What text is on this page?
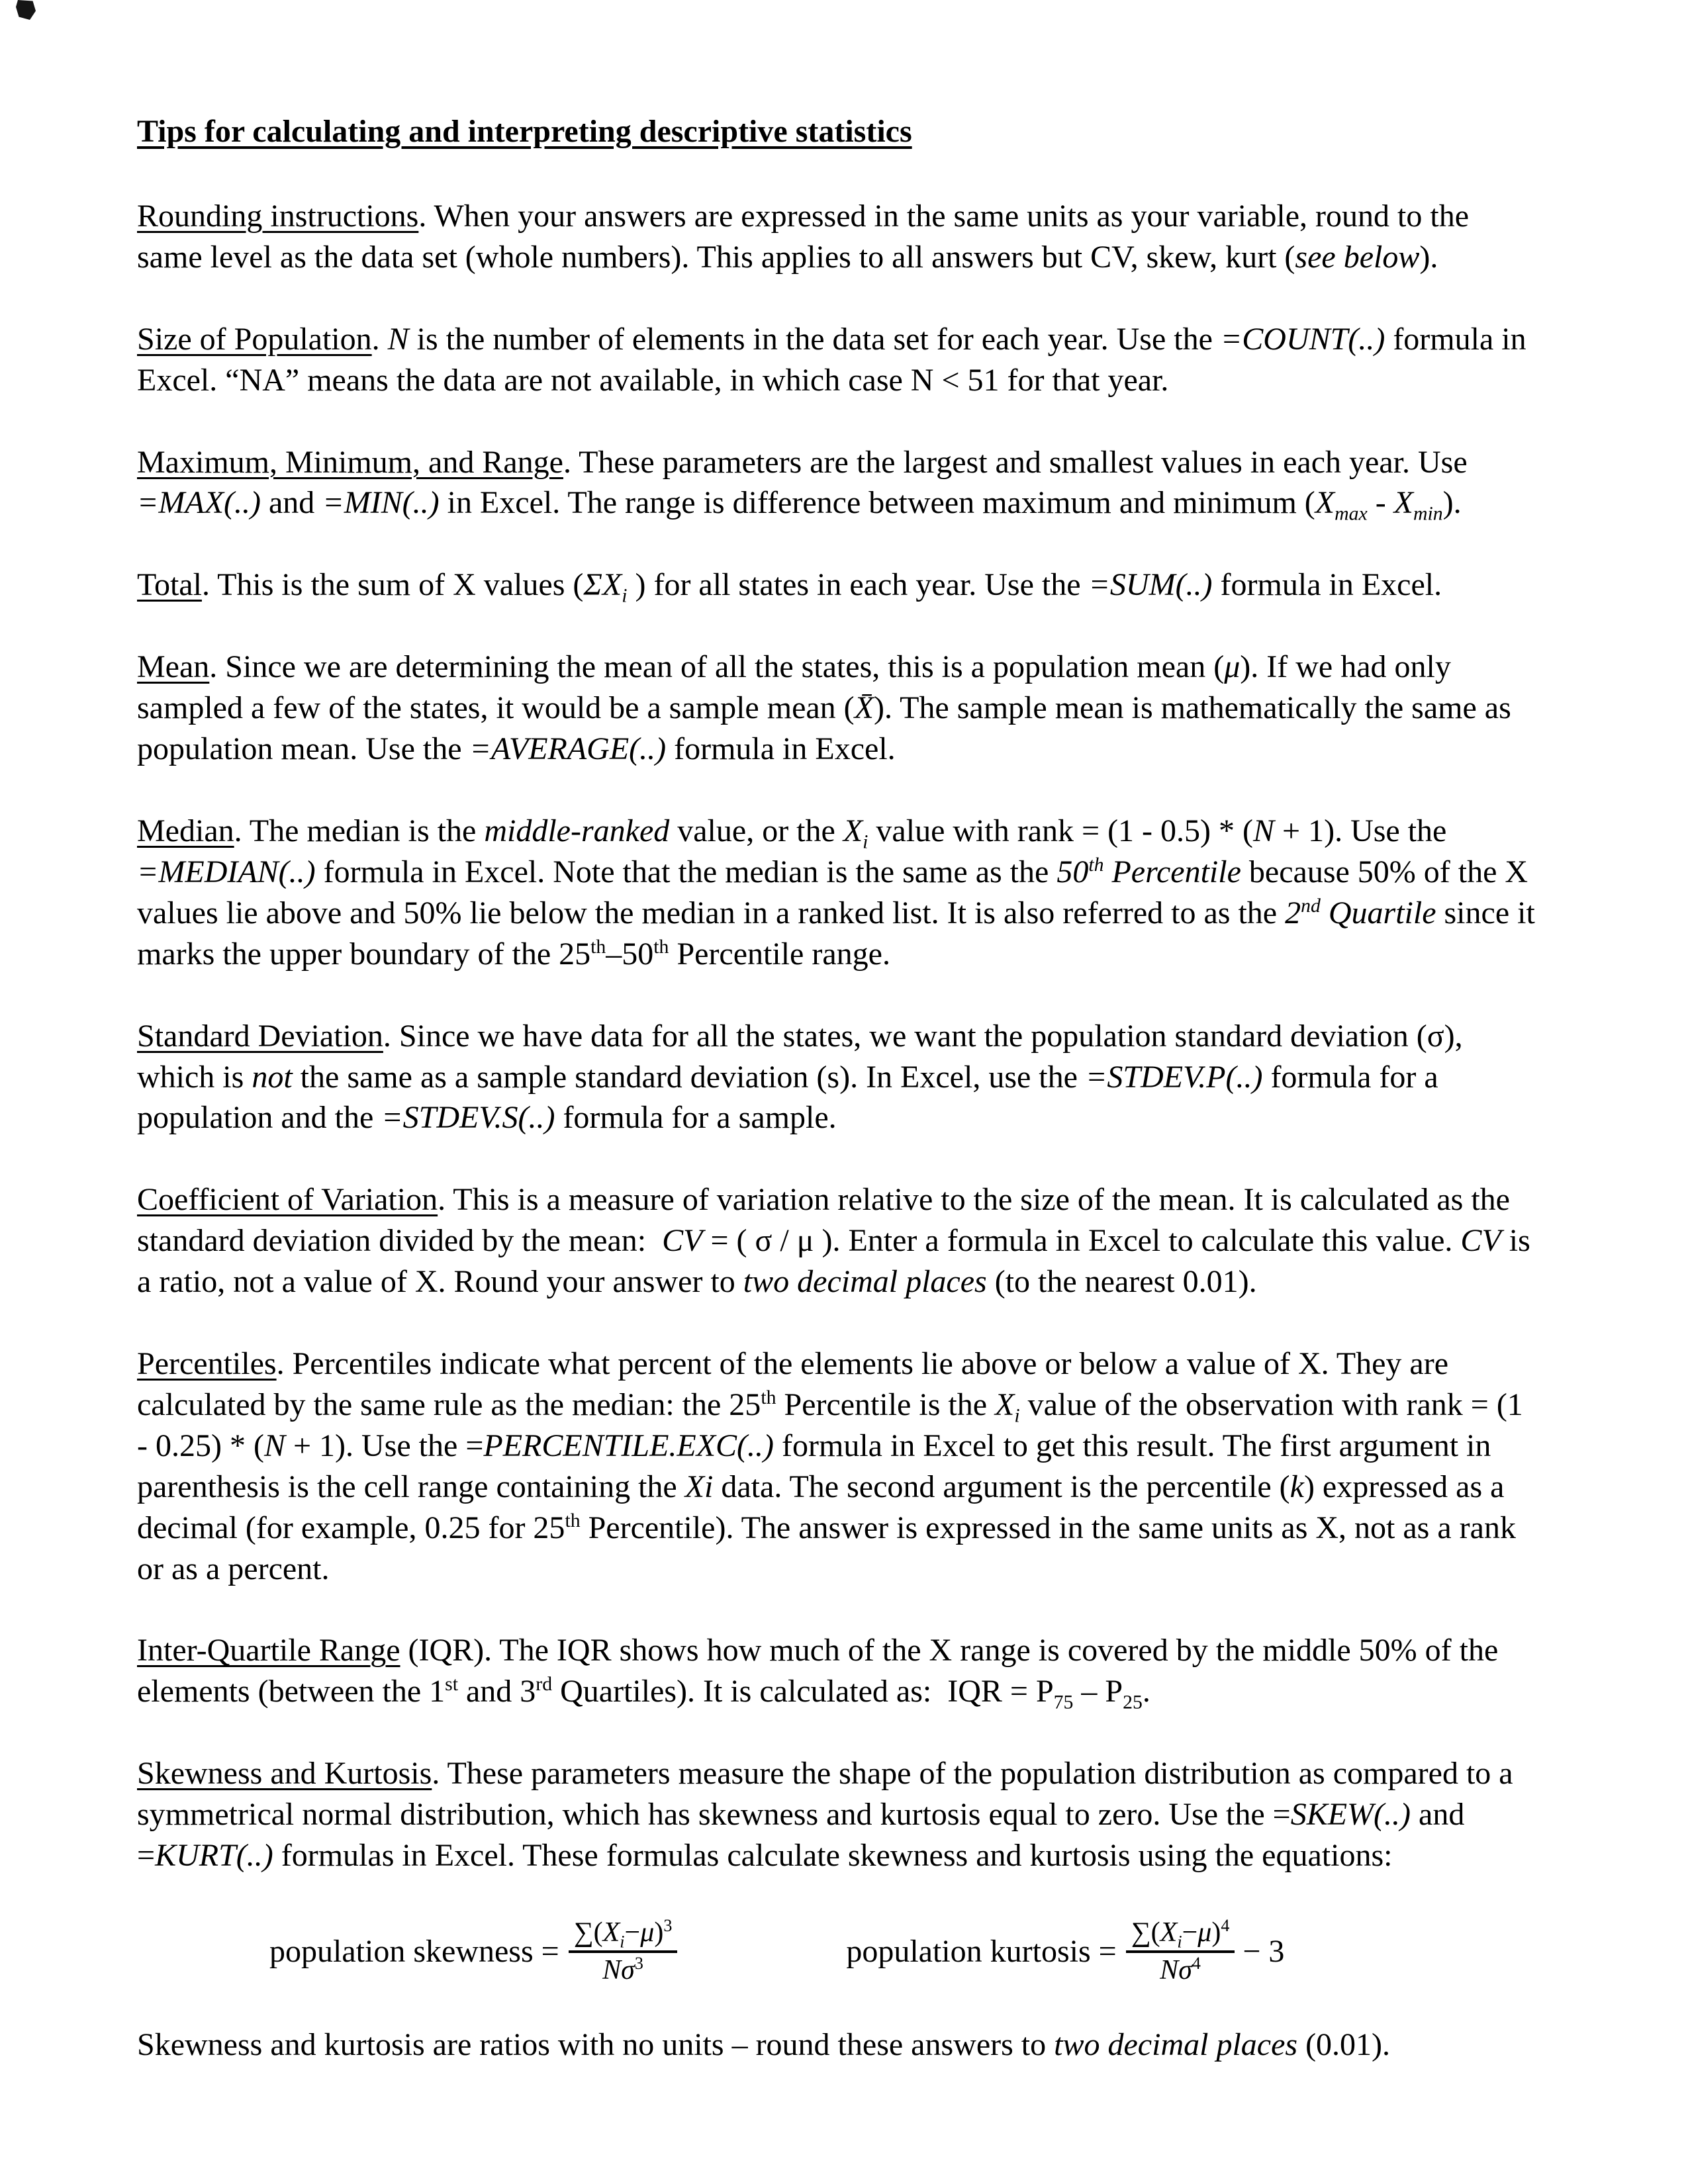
Tips for calculating and interpreting descriptive statistics

Rounding instructions. When your answers are expressed in the same units as your variable, round to the same level as the data set (whole numbers). This applies to all answers but CV, skew, kurt (see below).

Size of Population. N is the number of elements in the data set for each year. Use the =COUNT(..) formula in Excel. “NA” means the data are not available, in which case N < 51 for that year.

Maximum, Minimum, and Range. These parameters are the largest and smallest values in each year. Use =MAX(..) and =MIN(..) in Excel. The range is difference between maximum and minimum $(X_{max} - X_{min})$.

Total. This is the sum of X values ($\Sigma X_i$ ) for all states in each year. Use the =SUM(..) formula in Excel.

Mean. Since we are determining the mean of all the states, this is a population mean (μ). If we had only sampled a few of the states, it would be a sample mean (X̄). The sample mean is mathematically the same as population mean. Use the =AVERAGE(..) formula in Excel.

Median. The median is the middle-ranked value, or the $X_i$ value with rank = (1 - 0.5) * (N + 1). Use the =MEDIAN(..) formula in Excel. Note that the median is the same as the 50th Percentile because 50% of the X values lie above and 50% lie below the median in a ranked list. It is also referred to as the 2nd Quartile since it marks the upper boundary of the 25th–50th Percentile range.

Standard Deviation. Since we have data for all the states, we want the population standard deviation (σ), which is not the same as a sample standard deviation (s). In Excel, use the =STDEV.P(..) formula for a population and the =STDEV.S(..) formula for a sample.

Coefficient of Variation. This is a measure of variation relative to the size of the mean. It is calculated as the standard deviation divided by the mean:  CV = ( σ / μ ). Enter a formula in Excel to calculate this value. CV is a ratio, not a value of X. Round your answer to two decimal places (to the nearest 0.01).

Percentiles. Percentiles indicate what percent of the elements lie above or below a value of X. They are calculated by the same rule as the median: the 25th Percentile is the $X_i$ value of the observation with rank = (1 - 0.25) * (N + 1). Use the =PERCENTILE.EXC(..) formula in Excel to get this result. The first argument in parenthesis is the cell range containing the Xi data. The second argument is the percentile (k) expressed as a decimal (for example, 0.25 for 25th Percentile). The answer is expressed in the same units as X, not as a rank or as a percent.

Inter-Quartile Range (IQR). The IQR shows how much of the X range is covered by the middle 50% of the elements (between the 1st and 3rd Quartiles). It is calculated as:  IQR = $P_{75} - P_{25}$.

Skewness and Kurtosis. These parameters measure the shape of the population distribution as compared to a symmetrical normal distribution, which has skewness and kurtosis equal to zero. Use the =SKEW(..) and =KURT(..) formulas in Excel. These formulas calculate skewness and kurtosis using the equations:

population skewness = $\frac{\sum(X_i-\mu)^3}{N\sigma^3}$	population kurtosis = $\frac{\sum(X_i-\mu)^4}{N\sigma^4} - 3$

Skewness and kurtosis are ratios with no units – round these answers to two decimal places (0.01).
